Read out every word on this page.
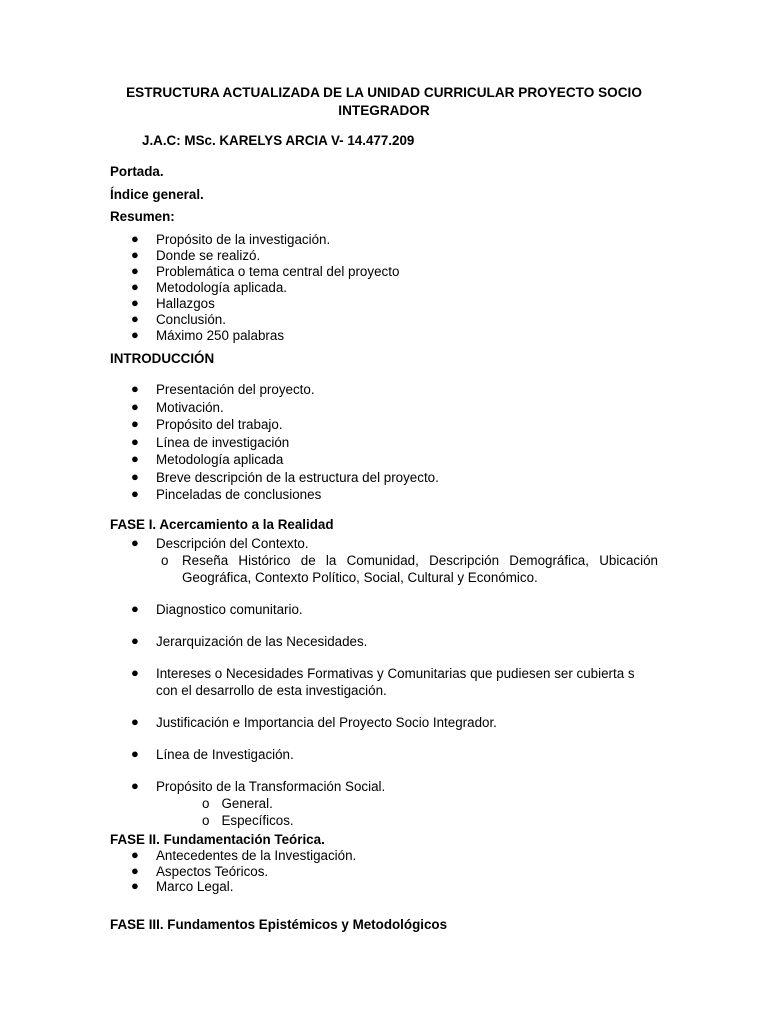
ESTRUCTURA ACTUALIZADA DE LA UNIDAD CURRICULAR PROYECTO SOCIO
INTEGRADOR

J.A.C: MSc. KARELYS ARCIA V- 14.477.209

Portada.

Índice general.

Resumen:

● Propósito de la investigación.
● Donde se realizó.
● Problemática o tema central del proyecto
● Metodología aplicada.
● Hallazgos
● Conclusión.
● Máximo 250 palabras

INTRODUCCIÓN

● Presentación del proyecto.
● Motivación.
● Propósito del trabajo.
● Línea de investigación
● Metodología aplicada
● Breve descripción de la estructura del proyecto.
● Pinceladas de conclusiones

FASE I. Acercamiento a la Realidad

● Descripción del Contexto.
o Reseña Histórico de la Comunidad, Descripción Demográfica, Ubicación Geográfica, Contexto Político, Social, Cultural y Económico.
● Diagnostico comunitario.
● Jerarquización de las Necesidades.
● Intereses o Necesidades Formativas y Comunitarias que pudiesen ser cubierta s con el desarrollo de esta investigación.
● Justificación e Importancia del Proyecto Socio Integrador.
● Línea de Investigación.
● Propósito de la Transformación Social.
o General.
o Específicos.

FASE II. Fundamentación Teórica.

● Antecedentes de la Investigación.
● Aspectos Teóricos.
● Marco Legal.

FASE III. Fundamentos Epistémicos y Metodológicos
